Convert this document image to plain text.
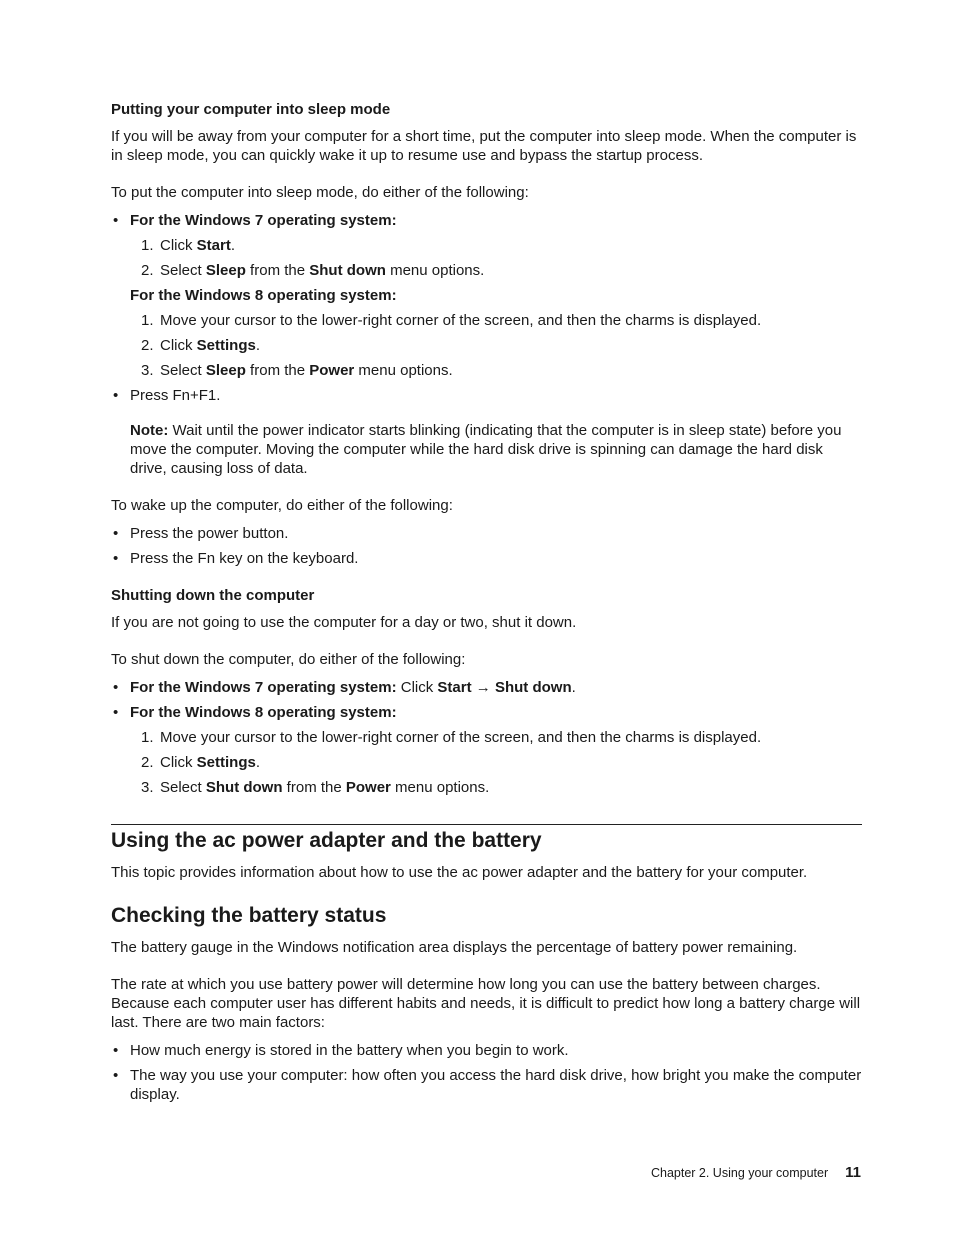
Putting your computer into sleep mode

If you will be away from your computer for a short time, put the computer into sleep mode. When the computer is in sleep mode, you can quickly wake it up to resume use and bypass the startup process.

To put the computer into sleep mode, do either of the following:

• For the Windows 7 operating system:
1. Click Start.
2. Select Sleep from the Shut down menu options.
For the Windows 8 operating system:
1. Move your cursor to the lower-right corner of the screen, and then the charms is displayed.
2. Click Settings.
3. Select Sleep from the Power menu options.
• Press Fn+F1.
Note: Wait until the power indicator starts blinking (indicating that the computer is in sleep state) before you move the computer. Moving the computer while the hard disk drive is spinning can damage the hard disk drive, causing loss of data.

To wake up the computer, do either of the following:

• Press the power button.
• Press the Fn key on the keyboard.

Shutting down the computer

If you are not going to use the computer for a day or two, shut it down.

To shut down the computer, do either of the following:

• For the Windows 7 operating system: Click Start → Shut down.
• For the Windows 8 operating system:
1. Move your cursor to the lower-right corner of the screen, and then the charms is displayed.
2. Click Settings.
3. Select Shut down from the Power menu options.
Using the ac power adapter and the battery

This topic provides information about how to use the ac power adapter and the battery for your computer.

Checking the battery status

The battery gauge in the Windows notification area displays the percentage of battery power remaining.

The rate at which you use battery power will determine how long you can use the battery between charges. Because each computer user has different habits and needs, it is difficult to predict how long a battery charge will last. There are two main factors:

• How much energy is stored in the battery when you begin to work.
• The way you use your computer: how often you access the hard disk drive, how bright you make the computer display.
Chapter 2. Using your computer 11
